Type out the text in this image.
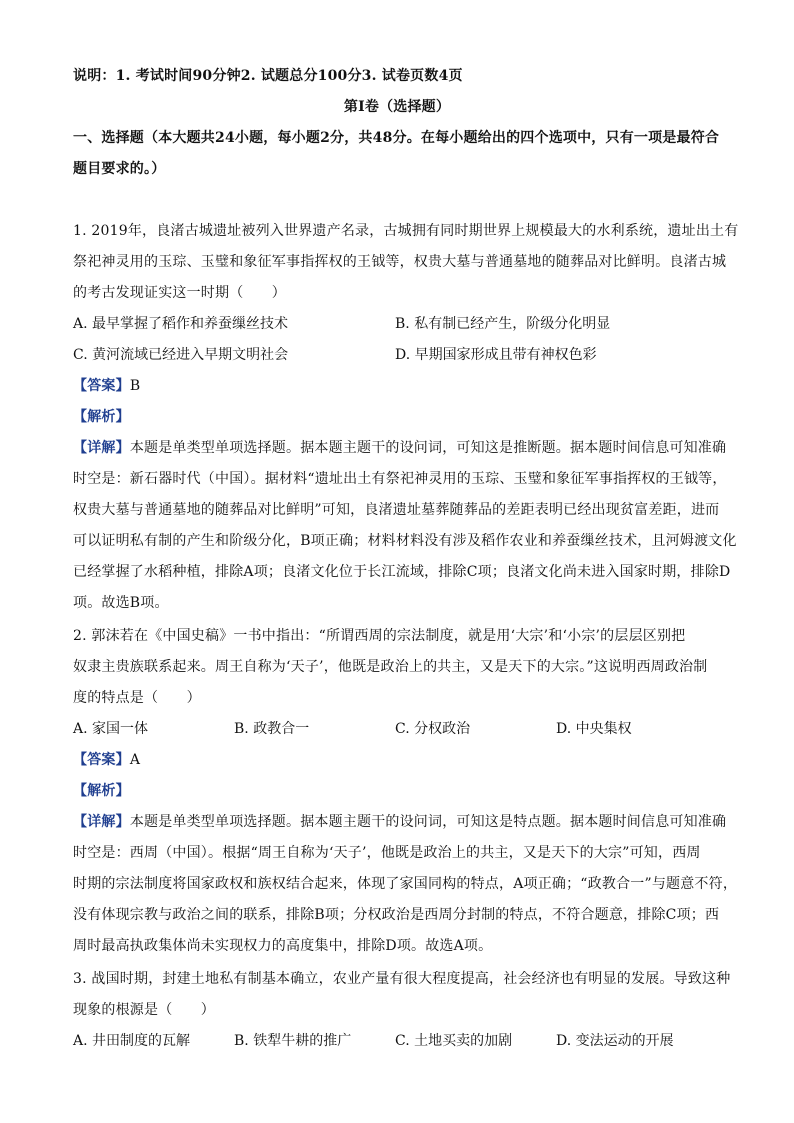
说明：1. 考试时间90分钟2. 试题总分100分3. 试卷页数4页
第Ⅰ卷（选择题）
一、选择题（本大题共24小题，每小题2分，共48分。在每小题给出的四个选项中，只有一项是最符合
题目要求的。）
1. 2019年，良渚古城遗址被列入世界遗产名录，古城拥有同时期世界上规模最大的水利系统，遗址出土有
祭祀神灵用的玉琮、玉璧和象征军事指挥权的王钺等，权贵大墓与普通墓地的随葬品对比鲜明。良渚古城
的考古发现证实这一时期（　　）
A. 最早掌握了稻作和养蚕缫丝技术	B. 私有制已经产生，阶级分化明显
C. 黄河流域已经进入早期文明社会	D. 早期国家形成且带有神权色彩
【答案】B
【解析】
【详解】本题是单类型单项选择题。据本题主题干的设问词，可知这是推断题。据本题时间信息可知准确
时空是：新石器时代（中国）。据材料“遗址出土有祭祀神灵用的玉琮、玉璧和象征军事指挥权的王钺等，
权贵大墓与普通墓地的随葬品对比鲜明”可知，良渚遗址墓葬随葬品的差距表明已经出现贫富差距，进而
可以证明私有制的产生和阶级分化，B项正确；材料材料没有涉及稻作农业和养蚕缫丝技术，且河姆渡文化
已经掌握了水稻种植，排除A项；良渚文化位于长江流域，排除C项；良渚文化尚未进入国家时期，排除D
项。故选B项。
2. 郭沫若在《中国史稿》一书中指出：“所谓西周的宗法制度，就是用‘大宗’和‘小宗’的层层区别把
奴隶主贵族联系起来。周王自称为‘天子’，他既是政治上的共主，又是天下的大宗。”这说明西周政治制
度的特点是（　　）
A. 家国一体	B. 政教合一	C. 分权政治	D. 中央集权
【答案】A
【解析】
【详解】本题是单类型单项选择题。据本题主题干的设问词，可知这是特点题。据本题时间信息可知准确
时空是：西周（中国）。根据“周王自称为‘天子’，他既是政治上的共主，又是天下的大宗”可知，西周
时期的宗法制度将国家政权和族权结合起来，体现了家国同构的特点，A项正确；“政教合一”与题意不符，
没有体现宗教与政治之间的联系，排除B项；分权政治是西周分封制的特点，不符合题意，排除C项；西
周时最高执政集体尚未实现权力的高度集中，排除D项。故选A项。
3. 战国时期，封建土地私有制基本确立，农业产量有很大程度提高，社会经济也有明显的发展。导致这种
现象的根源是（　　）
A. 井田制度的瓦解	B. 铁犁牛耕的推广	C. 土地买卖的加剧	D. 变法运动的开展
